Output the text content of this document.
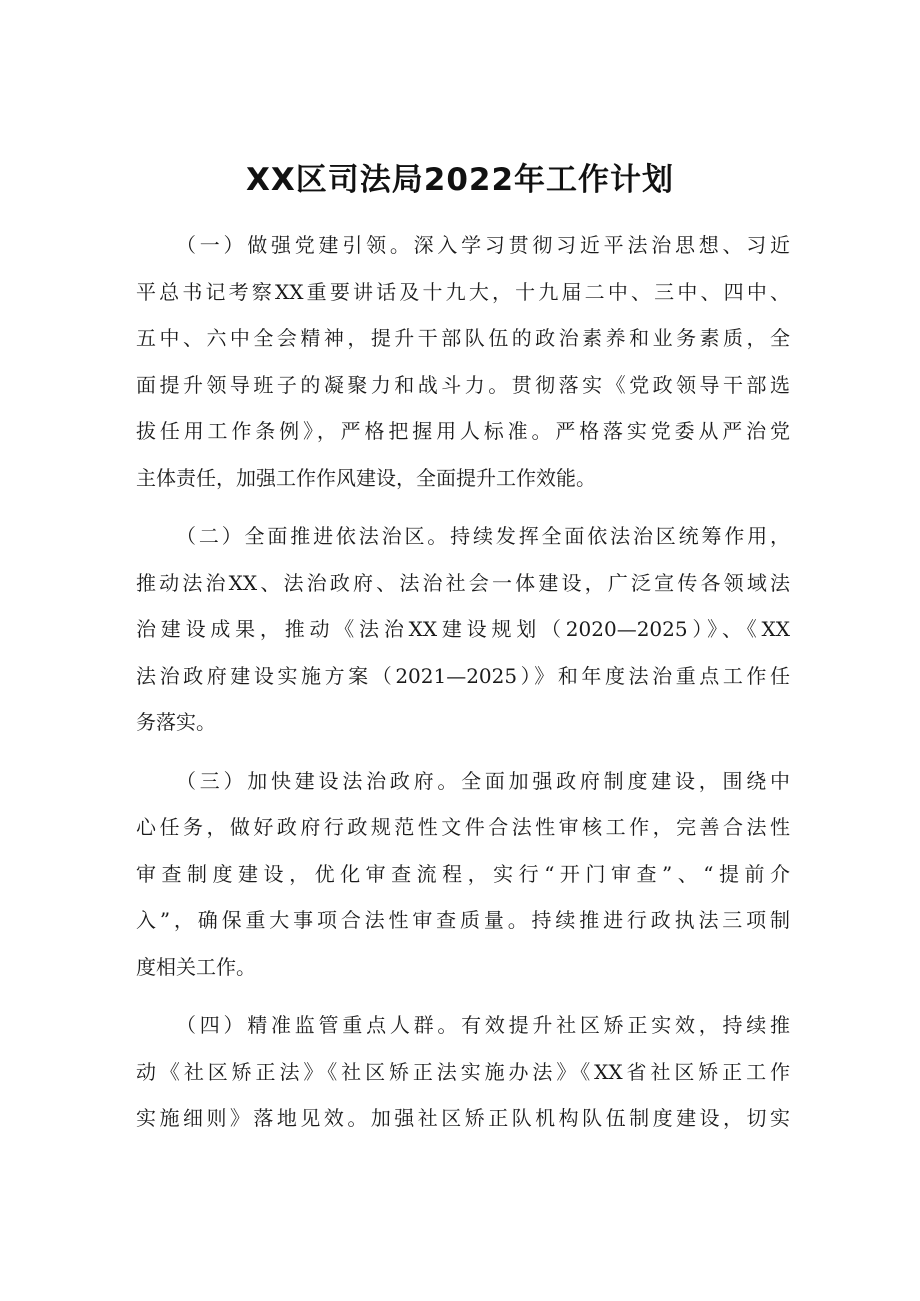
XX区司法局2022年工作计划
（一）做强党建引领。深入学习贯彻习近平法治思想、习近
平总书记考察XX重要讲话及十九大，十九届二中、三中、四中、
五中、六中全会精神，提升干部队伍的政治素养和业务素质，全
面提升领导班子的凝聚力和战斗力。贯彻落实《党政领导干部选
拔任用工作条例》，严格把握用人标准。严格落实党委从严治党
主体责任，加强工作作风建设，全面提升工作效能。
（二）全面推进依法治区。持续发挥全面依法治区统筹作用，
推动法治XX、法治政府、法治社会一体建设，广泛宣传各领域法
治建设成果，推动《法治XX建设规划（2020—2025）》、《XX
法治政府建设实施方案（2021—2025）》和年度法治重点工作任
务落实。
（三）加快建设法治政府。全面加强政府制度建设，围绕中
心任务，做好政府行政规范性文件合法性审核工作，完善合法性
审查制度建设，优化审查流程，实行“开门审查”、“提前介
入”，确保重大事项合法性审查质量。持续推进行政执法三项制
度相关工作。
（四）精准监管重点人群。有效提升社区矫正实效，持续推
动《社区矫正法》《社区矫正法实施办法》《XX省社区矫正工作
实施细则》落地见效。加强社区矫正队机构队伍制度建设，切实
